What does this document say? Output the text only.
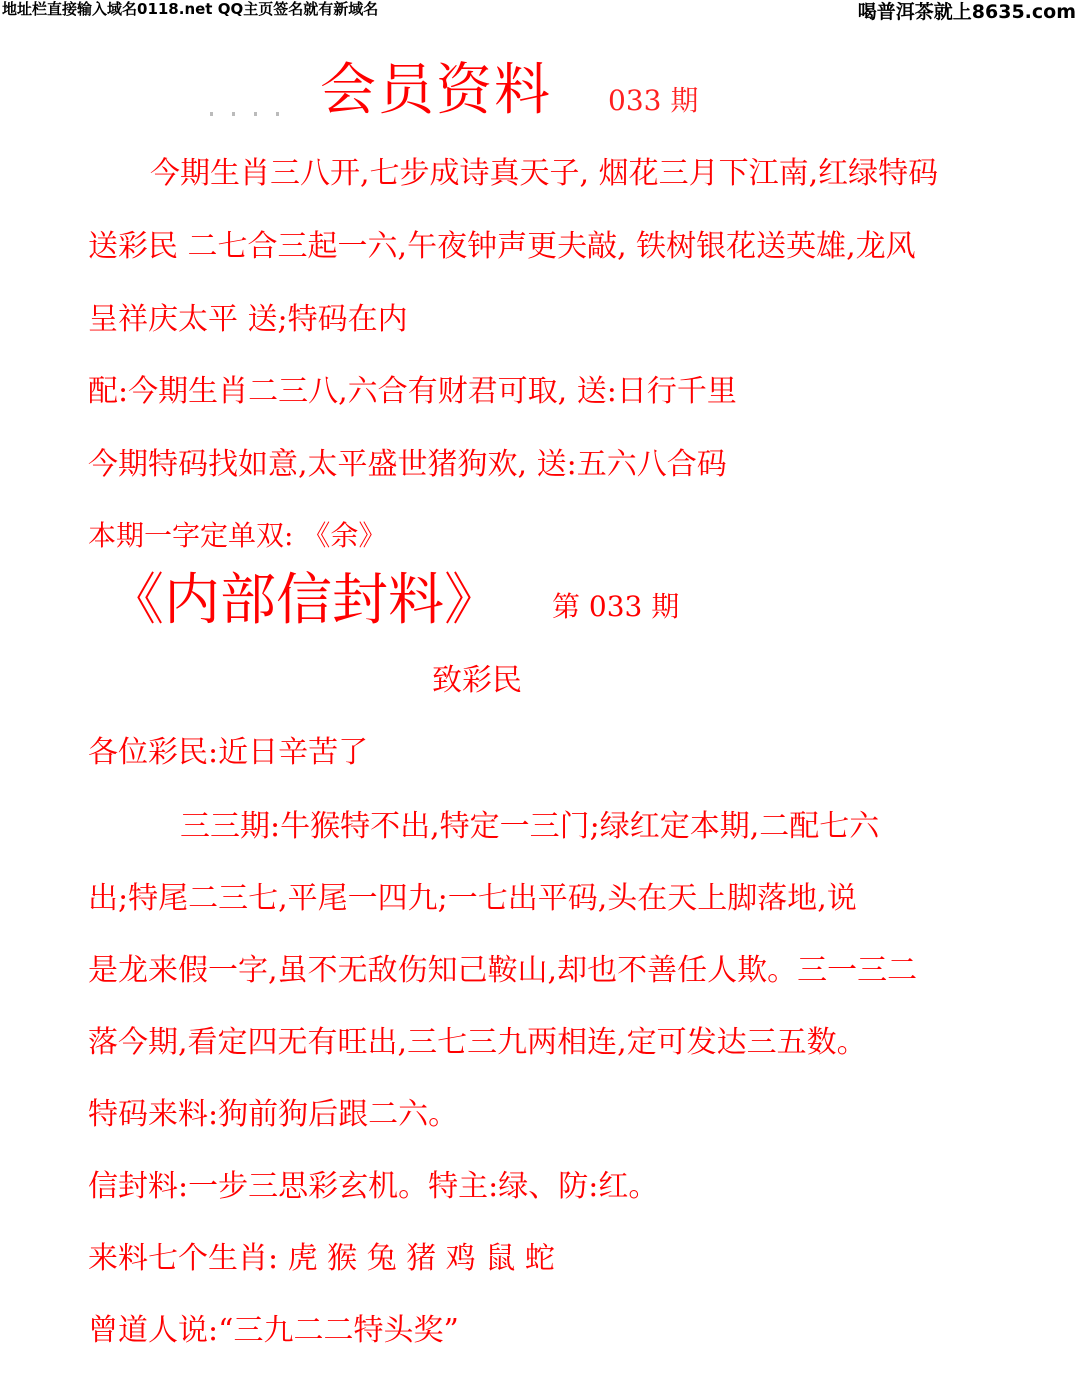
地址栏直接输入域名0118.net QQ主页签名就有新域名	喝普洱茶就上8635.com
会员资料 033 期
今期生肖三八开,七步成诗真天子, 烟花三月下江南,红绿特码
送彩民 二七合三起一六,午夜钟声更夫敲, 铁树银花送英雄,龙风
呈祥庆太平 送;特码在内
配:今期生肖二三八,六合有财君可取, 送:日行千里
今期特码找如意,太平盛世猪狗欢, 送:五六八合码
本期一字定单双: 《余》
《内部信封料》 第 033 期
致彩民
各位彩民:近日辛苦了
三三期:牛猴特不出,特定一三门;绿红定本期,二配七六
出;特尾二三七,平尾一四九;一七出平码,头在天上脚落地,说
是龙来假一字,虽不无敌伤知己鞍山,却也不善任人欺。三一三二
落今期,看定四无有旺出,三七三九两相连,定可发达三五数。
特码来料:狗前狗后跟二六。
信封料:一步三思彩玄机。特主:绿、防:红。
来料七个生肖: 虎 猴 兔 猪 鸡 鼠 蛇
曾道人说:“三九二二特头奖”
